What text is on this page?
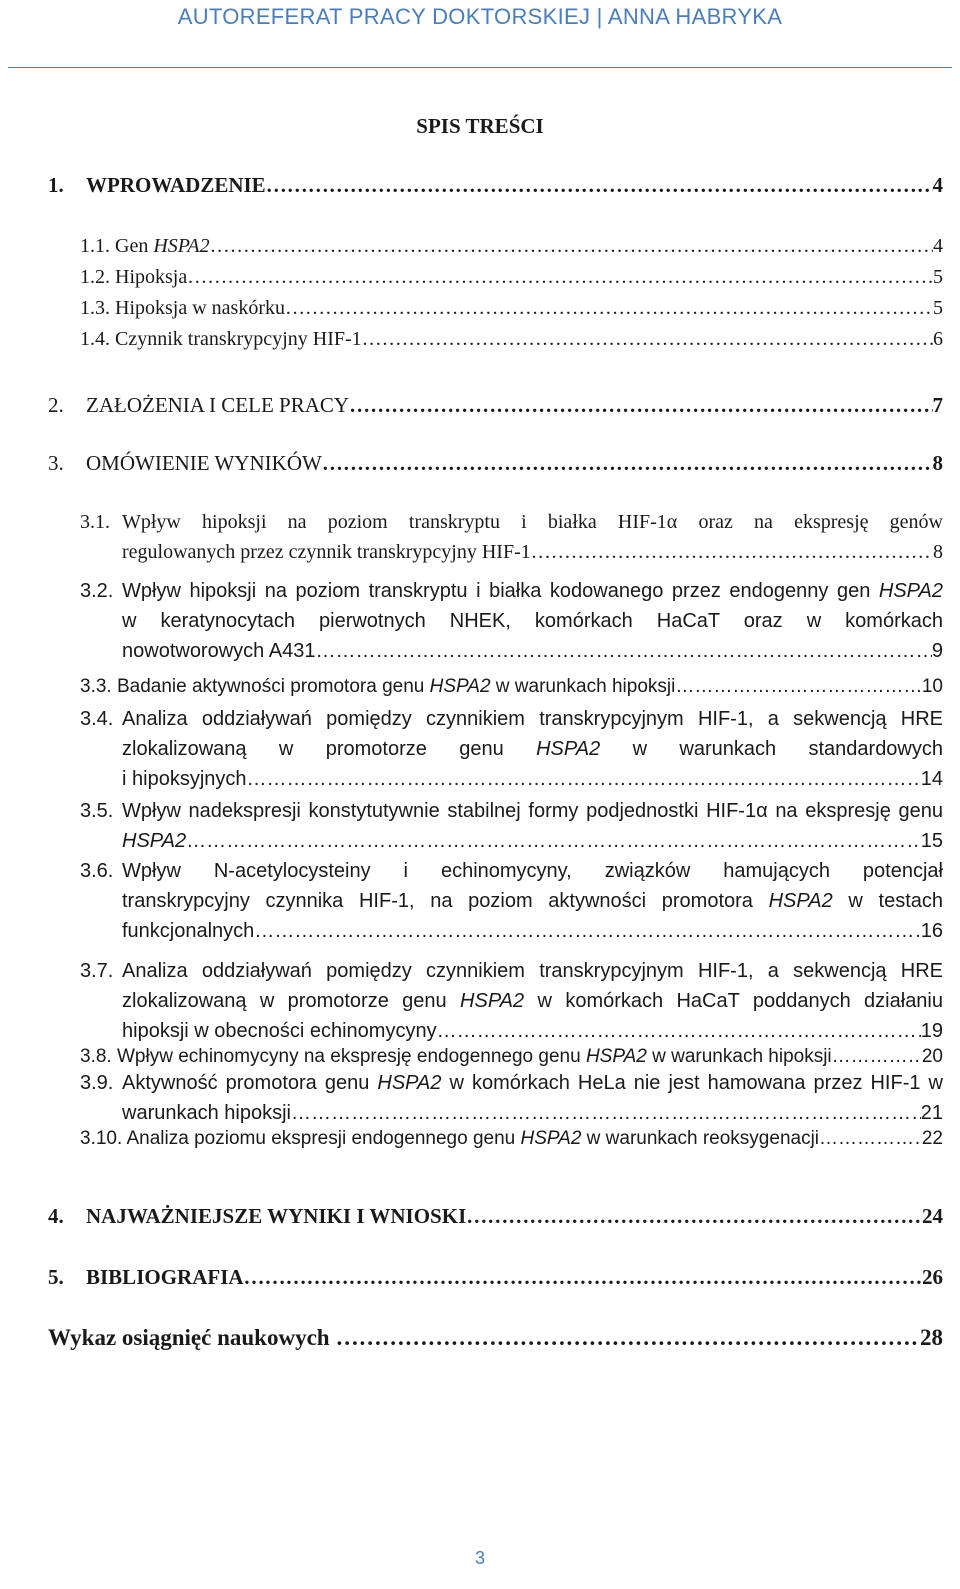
AUTOREFERAT PRACY DOKTORSKIEJ | ANNA HABRYKA
SPIS TREŚCI
1. WPROWADZENIE ………………………………………………………………………………………………………………………………………………………………………………………	4
1.1. Gen HSPA2 ………………………………………………………………………………………………………………………………………………………………………………………	4
1.2. Hipoksja ………………………………………………………………………………………………………………………………………………………………………………………	5
1.3. Hipoksja w naskórku ………………………………………………………………………………………………………………………………………………………………………………………	5
1.4. Czynnik transkrypcyjny HIF-1 ………………………………………………………………………………………………………………………………………………………………………………………	6
2. ZAŁOŻENIA I CELE PRACY ………………………………………………………………………………………………………………………………………………………………………………………	7
3. OMÓWIENIE WYNIKÓW ………………………………………………………………………………………………………………………………………………………………………………………	8
3.1. Wpływ hipoksji na poziom transkryptu i białka HIF-1α oraz na ekspresję genów
regulowanych przez czynnik transkrypcyjny HIF-1 ………………………………………………………………………………………………………………………………………………………………………………………	8
3.2. Wpływ hipoksji na poziom transkryptu i białka kodowanego przez endogenny gen HSPA2
w keratynocytach pierwotnych NHEK, komórkach HaCaT oraz w komórkach
nowotworowych A431 ………………………………………………………………………………………………………………………………………………………………………………………	9
3.3. Badanie aktywności promotora genu HSPA2 w warunkach hipoksji ………………………………………………………………………………………………………………………………………………………………………………………	10
3.4. Analiza oddziaływań pomiędzy czynnikiem transkrypcyjnym HIF-1, a sekwencją HRE
zlokalizowaną w promotorze genu HSPA2 w warunkach standardowych
i hipoksyjnych ………………………………………………………………………………………………………………………………………………………………………………………	14
3.5. Wpływ nadekspresji konstytutywnie stabilnej formy podjednostki HIF-1α na ekspresję genu
HSPA2 ………………………………………………………………………………………………………………………………………………………………………………………	15
3.6. Wpływ N-acetylocysteiny i echinomycyny, związków hamujących potencjał
transkrypcyjny czynnika HIF-1, na poziom aktywności promotora HSPA2 w testach
funkcjonalnych ………………………………………………………………………………………………………………………………………………………………………………………	16
3.7. Analiza oddziaływań pomiędzy czynnikiem transkrypcyjnym HIF-1, a sekwencją HRE
zlokalizowaną w promotorze genu HSPA2 w komórkach HaCaT poddanych działaniu
hipoksji w obecności echinomycyny ………………………………………………………………………………………………………………………………………………………………………………………	19
3.8. Wpływ echinomycyny na ekspresję endogennego genu HSPA2 w warunkach hipoksji ………………………………………………………………………………………………………………………………………………………………………………………	20
3.9. Aktywność promotora genu HSPA2 w komórkach HeLa nie jest hamowana przez HIF-1 w
warunkach hipoksji ………………………………………………………………………………………………………………………………………………………………………………………	21
3.10. Analiza poziomu ekspresji endogennego genu HSPA2 w warunkach reoksygenacji ………………………………………………………………………………………………………………………………………………………………………………………	22
4. NAJWAŻNIEJSZE WYNIKI I WNIOSKI ………………………………………………………………………………………………………………………………………………………………………………………	24
5. BIBLIOGRAFIA ………………………………………………………………………………………………………………………………………………………………………………………	26
Wykaz osiągnięć naukowych ………………………………………………………………………………………………………………………………………………………………………………………	28
3
